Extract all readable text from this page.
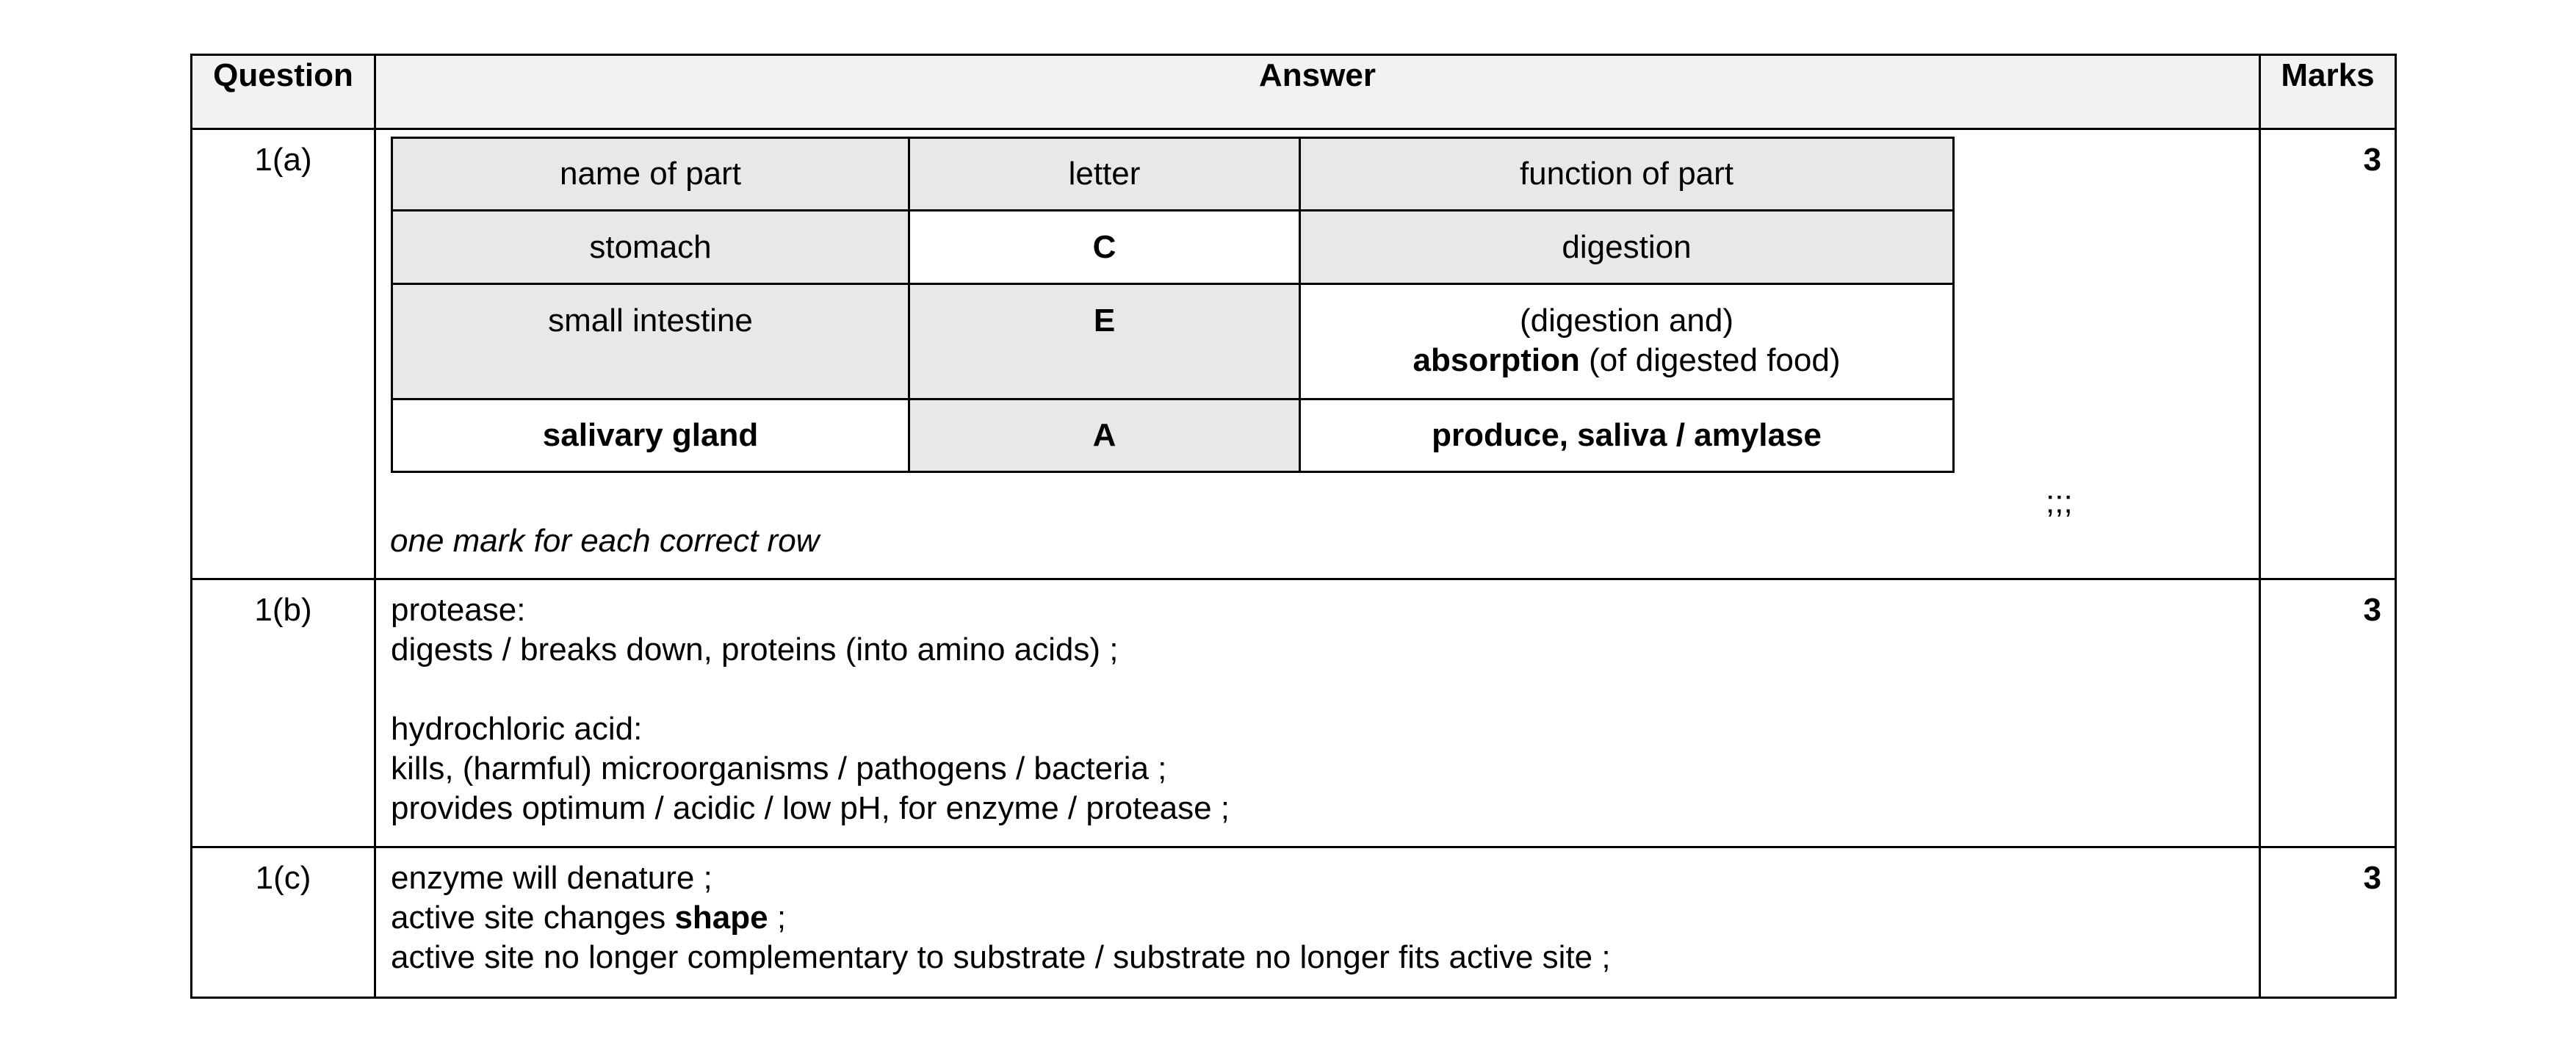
Question	Answer	Marks
1(a)		name of part	letter	function of part
stomach	C	digestion
small intestine	E	(digestion and)
absorption (of digested food)
salivary gland	A	produce, saliva / amylase
	3
1(b)	protease:
digests / breaks down, proteins (into amino acids) ;
hydrochloric acid:
kills, (harmful) microorganisms / pathogens / bacteria ;
provides optimum / acidic / low pH, for enzyme / protease ;
	3
1(c)	enzyme will denature ;
active site changes shape ;
active site no longer complementary to substrate / substrate no longer fits active site ;
	3
;;;
one mark for each correct row
